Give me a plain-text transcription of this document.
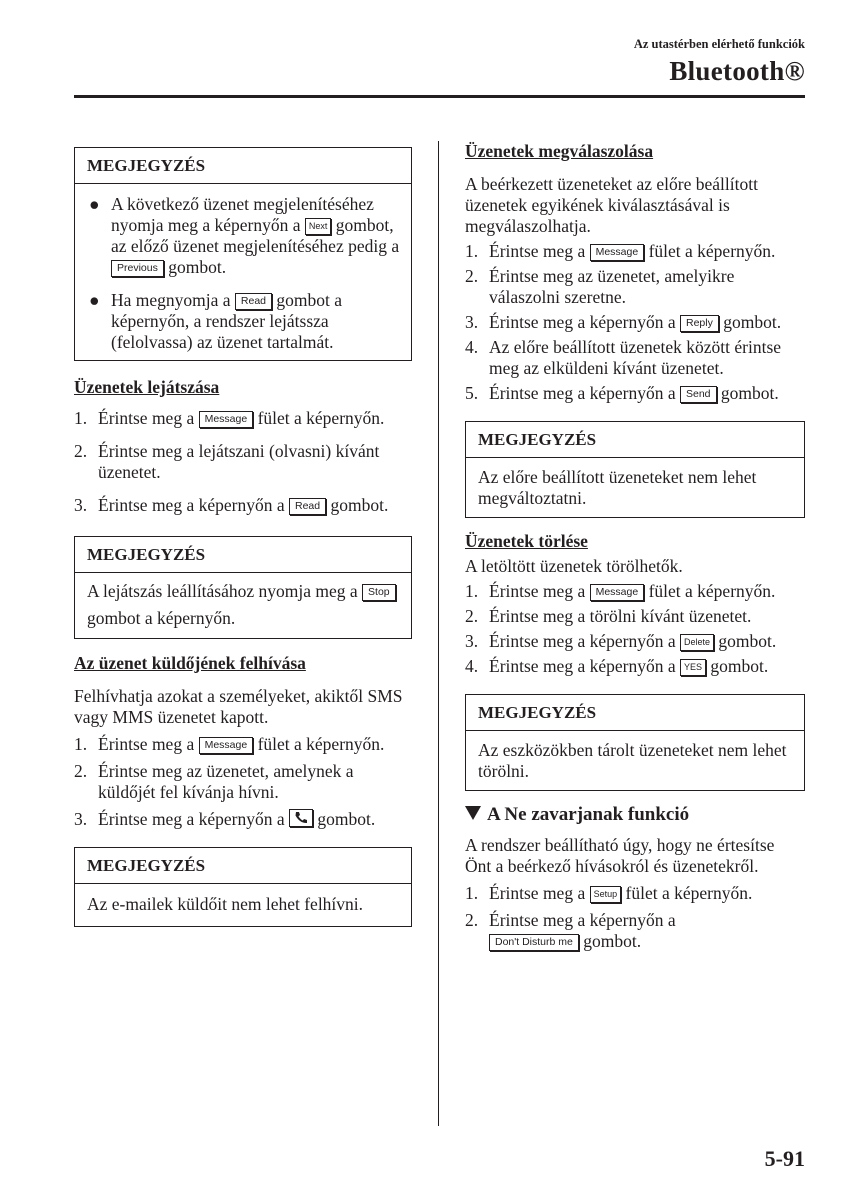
Az utastérben elérhető funkciók
Bluetooth®
MEGJEGYZÉS
● A következő üzenet megjelenítéséhez nyomja meg a képernyőn a Next gombot, az előző üzenet megjelenítéséhez pedig a Previous gombot.
● Ha megnyomja a Read gombot a képernyőn, a rendszer lejátssza (felolvassa) az üzenet tartalmát.
Üzenetek lejátszása
1. Érintse meg a Message fület a képernyőn.
2. Érintse meg a lejátszani (olvasni) kívánt üzenetet.
3. Érintse meg a képernyőn a Read gombot.
MEGJEGYZÉS
A lejátszás leállításához nyomja meg a Stop gombot a képernyőn.
Az üzenet küldőjének felhívása
Felhívhatja azokat a személyeket, akiktől SMS vagy MMS üzenetet kapott.
1. Érintse meg a Message fület a képernyőn.
2. Érintse meg az üzenetet, amelynek a küldőjét fel kívánja hívni.
3. Érintse meg a képernyőn a gombot.
MEGJEGYZÉS
Az e-mailek küldőit nem lehet felhívni.
Üzenetek megválaszolása
A beérkezett üzeneteket az előre beállított üzenetek egyikének kiválasztásával is megválaszolhatja.
1. Érintse meg a Message fület a képernyőn.
2. Érintse meg az üzenetet, amelyikre válaszolni szeretne.
3. Érintse meg a képernyőn a Reply gombot.
4. Az előre beállított üzenetek között érintse meg az elküldeni kívánt üzenetet.
5. Érintse meg a képernyőn a Send gombot.
MEGJEGYZÉS
Az előre beállított üzeneteket nem lehet megváltoztatni.
Üzenetek törlése
A letöltött üzenetek törölhetők.
1. Érintse meg a Message fület a képernyőn.
2. Érintse meg a törölni kívánt üzenetet.
3. Érintse meg a képernyőn a Delete gombot.
4. Érintse meg a képernyőn a YES gombot.
MEGJEGYZÉS
Az eszközökben tárolt üzeneteket nem lehet törölni.
A Ne zavarjanak funkció
A rendszer beállítható úgy, hogy ne értesítse Önt a beérkező hívásokról és üzenetekről.
1. Érintse meg a Setup fület a képernyőn.
2. Érintse meg a képernyőn a
Don't Disturb me gombot.
5-91
